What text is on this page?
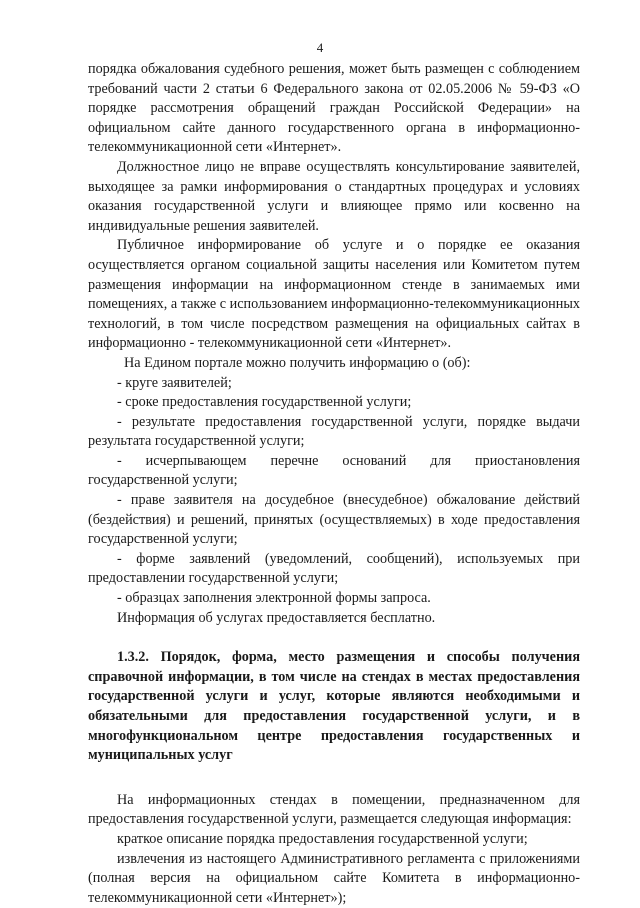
4

порядка обжалования судебного решения, может быть размещен с соблюдением требований части 2 статьи 6 Федерального закона от 02.05.2006 № 59-ФЗ «О порядке рассмотрения обращений граждан Российской Федерации» на официальном сайте данного государственного органа в информационно-телекоммуникационной сети «Интернет».

Должностное лицо не вправе осуществлять консультирование заявителей, выходящее за рамки информирования о стандартных процедурах и условиях оказания государственной услуги и влияющее прямо или косвенно на индивидуальные решения заявителей.

Публичное информирование об услуге и о порядке ее оказания осуществляется органом социальной защиты населения или Комитетом путем размещения информации на информационном стенде в занимаемых ими помещениях, а также с использованием информационно-телекоммуникационных технологий, в том числе посредством размещения на официальных сайтах в информационно - телекоммуникационной сети «Интернет».

На Едином портале можно получить информацию о (об):

- круге заявителей;

- сроке предоставления государственной услуги;

- результате предоставления государственной услуги, порядке выдачи результата государственной услуги;

- исчерпывающем перечне оснований для приостановления государственной услуги;

- праве заявителя на досудебное (внесудебное) обжалование действий (бездействия) и решений, принятых (осуществляемых) в ходе предоставления государственной услуги;

- форме заявлений (уведомлений, сообщений), используемых при предоставлении государственной услуги;

- образцах заполнения электронной формы запроса.

Информация об услугах предоставляется бесплатно.

1.3.2. Порядок, форма, место размещения и способы получения справочной информации, в том числе на стендах в местах предоставления государственной услуги и услуг, которые являются необходимыми и обязательными для предоставления государственной услуги, и в многофункциональном центре предоставления государственных и муниципальных услуг

На информационных стендах в помещении, предназначенном для предоставления государственной услуги, размещается следующая информация:

краткое описание порядка предоставления государственной услуги;

извлечения из настоящего Административного регламента с приложениями (полная версия на официальном сайте Комитета в информационно-телекоммуникационной сети «Интернет»);
